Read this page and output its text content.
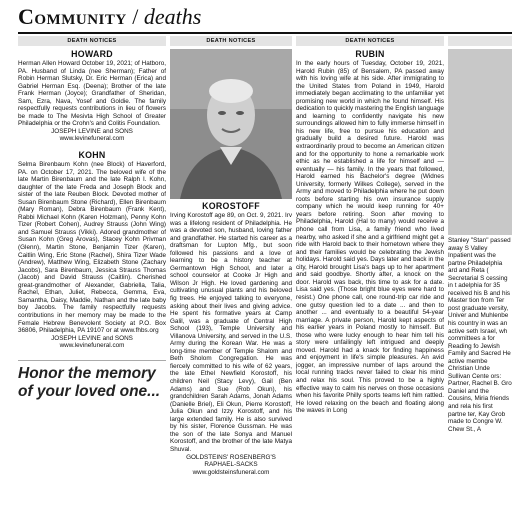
Community / deaths
DEATH NOTICES
HOWARD

Herman Allen Howard October 19, 2021; of Hatboro, PA. Husband of Linda (nee Sherman); Father of Robin Herman Slutsky, Dr. Eric Herman (Erica) and Gabriel Herman Esq. (Deena); Brother of the late Frank Herman (Joyce); Grandfather of Sheridan, Sam, Ezra, Nava, Yosef and Goldie. The family respectfully requests contributions in lieu of flowers be made to The Mesivta High School of Greater Philadelphia or the Crohn's and Colitis Foundation.

JOSEPH LEVINE and SONS
www.levinefuneral.com
KOHN

Selma Birenbaum Kohn (nee Block) of Haverford, PA. on October 17, 2021. The beloved wife of the late Martin Birenbaum and the late Ralph I. Kohn, daughter of the late Freda and Joseph Block and sister of the late Reuben Block. Devoted mother of Susan Birenbaum Stone (Richard), Ellen Birenbaum (Mary Roman), Debra Birenbaum (Frank Kent), Rabbi Michael Kohn (Karen Holzman), Penny Kohn Tizer (Robert Cohen), Audrey Strauss (John Wing) and Samuel Strauss (Vikki). Adored grandmother of Susan Kohn (Greg Arovas), Stacey Kohn Privman (Glenn), Martin Stone, Benjamin Tizer (Karen), Caitlin Wing, Eric Stone (Rachel), Shira Tizer Wade (Andrew), Matthew Wing, Elizabeth Stone (Zachary Jacobs), Sara Birenbaum, Jessica Strauss Thomas (Jacob) and David Strauss (Caitlin). Cherished great-grandmother of Alexander, Gabriella, Talia, Rachel, Ethan, Juliet, Rebecca, Gemma, Eva, Samantha, Daisy, Maddie, Nathan and the late baby boy Jacobs. The family respectfully requests contributions in her memory may be made to the Female Hebrew Benevolent Society at P.O. Box 36806, Philadelphia, PA 19107 or at www.fhbs.org

JOSEPH LEVINE and SONS
www.levinefuneral.com
Honor the memory of your loved one...
DEATH NOTICES
KOROSTOFF

Irving Korostoff age 89, on Oct. 9, 2021. Irv was a lifelong resident of Philadelphia. He was a devoted son, husband, loving father and grandfather. He started his career as a draftsman for Lupton Mfg., but soon followed his passions and a love of learning to be a history teacher at Germantown High School, and later a school counselor at Cooke Jr High and Wilson Jr High. He loved gardening and cultivating unusual plants and his beloved fig trees. He enjoyed talking to everyone, asking about their lives and giving advice. He spent his formative years at Camp Galil, was a graduate of Central High School (193), Temple University and Villanova University, and served in the U.S. Army during the Korean War. He was a long-time member of Temple Shalom and Beth Sholom Congregation. He was fiercely committed to his wife of 62 years, the late Ethel Newfield Korostoff, his children Neil (Stacy Levy), Gail (Ben Adams) and Sue (Rob Okun), his grandchildren Sarah Adams, Jonah Adams (Danielle Briel), Eli Okun, Pierre Korostoff, Julia Okun and Izzy Korostoff, and his large extended family. He is also survived by his sister, Florence Gussman. He was the son of the late Sonya and Manuel Korostoff, and the brother of the late Matya Shuval.

GOLDSTEINS' ROSENBERG'S RAPHAEL-SACKS
www.goldsteinsfuneral.com
DEATH NOTICES
RUBIN

In the early hours of Tuesday, October 19, 2021, Harold Rubin (85) of Bensalem, PA passed away with his loving wife at his side. After immigrating to the United States from Poland in 1949, Harold immediately began acclimating to the unfamiliar yet promising new world in which he found himself. His dedication to quickly mastering the English language and learning to confidently navigate his new surroundings allowed him to fully immerse himself in his new life, free to pursue his education and gradually build a desired future. Harold was extraordinarily proud to become an American citizen and for the opportunity to hone a remarkable work ethic as he established a life for himself and — eventually — his family. In the years that followed, Harold earned his Bachelor's degree (Widnes University, formerly Wilkes College), served in the Army and moved to Philadelphia where he put down roots before starting his own insurance supply company which he would keep running for 40+ years before retiring. Soon after moving to Philadelphia, Harold (Hal to many) would receive a phone call from Lisa, a family friend who lived nearby, who asked if she and a girlfriend might get a ride with Harold back to their hometown where they and their families would be celebrating the Jewish holidays. Harold said yes. Days later and back in the city, Harold brought Lisa's bags up to her apartment and said goodbye. Shortly after, a knock on the door. Harold was back, this time to ask for a date. Lisa said yes. (Those bright blue eyes were hard to resist.) One phone call, one round-trip car ride and one gutsy question led to a date ... and then to another ... and eventually to a beautiful 54-year marriage. A private person, Harold kept aspects of his earlier years in Poland mostly to himself. But those who were lucky enough to hear him tell his story were unfailingly left intrigued and deeply moved. Harold had a knack for finding happiness and enjoyment in life's simple pleasures. An avid jogger, an impressive number of laps around the local running tracks never failed to clear his mind and relax his soul. This proved to be a highly effective way to calm his nerves on those occasions when his favorite Philly sports teams left him rattled. He loved relaxing on the beach and floating along the waves in Long

Stanley "Stan" passed away S Valley Inpatient was the partne Philadelphia ard and Reta ( Secretarial S cessing in t adelphia for 35 received his B and his Master tion from Ter post graduate versity, Univer and Muhlenbe his country in was an active seth Israel, wh committees a for Reading fo Jewish Family and Sacred He active membe Christian Unde Sullivan Cente ors: Partner, Rachel B. Gro Daniel and the Cousins, Miria friends and rela his first partne ter, Kay Grob made to Congre W. Chew St., A
